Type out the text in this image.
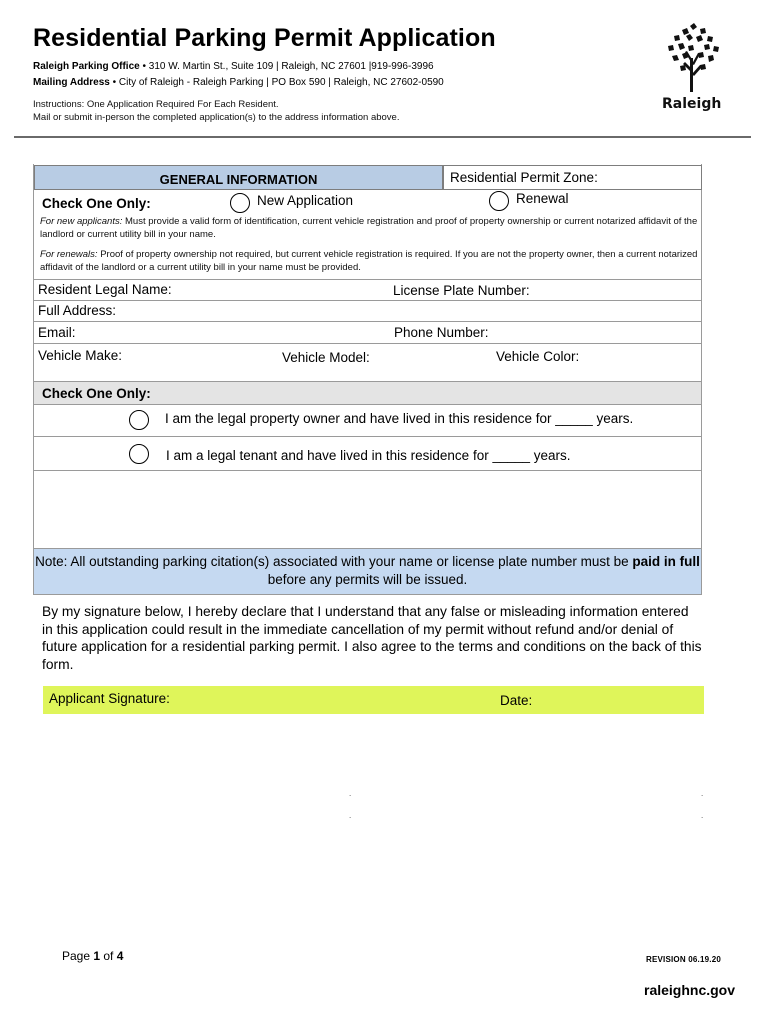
Residential Parking Permit Application
Raleigh Parking Office • 310 W. Martin St., Suite 109 | Raleigh, NC 27601 |919-996-3996
Mailing Address • City of Raleigh - Raleigh Parking | PO Box 590 | Raleigh, NC 27602-0590
Instructions: One Application Required For Each Resident.
Mail or submit in-person the completed application(s) to the address information above.
Raleigh
GENERAL INFORMATION	Residential Permit Zone:
Check One Only:	New Application	Renewal
For new applicants: Must provide a valid form of identification, current vehicle registration and proof of property ownership or current notarized affidavit of the landlord or current utility bill in your name.
For renewals: Proof of property ownership not required, but current vehicle registration is required. If you are not the property owner, then a current notarized affidavit of the landlord or a current utility bill in your name must be provided.
Resident Legal Name:	License Plate Number:
Full Address:
Email:	Phone Number:
Vehicle Make:	Vehicle Model:	Vehicle Color:
Check One Only:
I am the legal property owner and have lived in this residence for _____ years.
I am a legal tenant and have lived in this residence for _____ years.
Note: All outstanding parking citation(s) associated with your name or license plate number must be paid in full before any permits will be issued.
By my signature below, I hereby declare that I understand that any false or misleading information entered in this application could result in the immediate cancellation of my permit without refund and/or denial of future application for a residential parking permit. I also agree to the terms and conditions on the back of this form.
Applicant Signature:	Date:
.	.
.	.
Page 1 of 4	REVISION 06.19.20
raleighnc.gov
